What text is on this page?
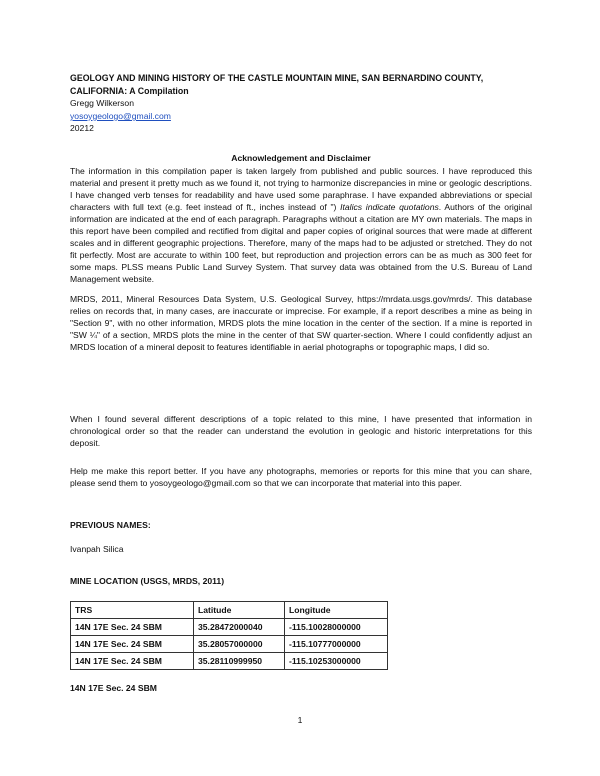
GEOLOGY AND MINING HISTORY OF THE CASTLE MOUNTAIN MINE, SAN BERNARDINO COUNTY, CALIFORNIA: A Compilation
Gregg Wilkerson
yosoygeologo@gmail.com
20212
Acknowledgement and Disclaimer
The information in this compilation paper is taken largely from published and public sources. I have reproduced this material and present it pretty much as we found it, not trying to harmonize discrepancies in mine or geologic descriptions. I have changed verb tenses for readability and have used some paraphrase. I have expanded abbreviations or special characters with full text (e.g. feet instead of ft., inches instead of ") Italics indicate quotations. Authors of the original information are indicated at the end of each paragraph. Paragraphs without a citation are MY own materials. The maps in this report have been compiled and rectified from digital and paper copies of original sources that were made at different scales and in different geographic projections. Therefore, many of the maps had to be adjusted or stretched. They do not fit perfectly. Most are accurate to within 100 feet, but reproduction and projection errors can be as much as 300 feet for some maps. PLSS means Public Land Survey System. That survey data was obtained from the U.S. Bureau of Land Management website.
MRDS, 2011, Mineral Resources Data System, U.S. Geological Survey, https://mrdata.usgs.gov/mrds/. This database relies on records that, in many cases, are inaccurate or imprecise. For example, if a report describes a mine as being in "Section 9", with no other information, MRDS plots the mine location in the center of the section. If a mine is reported in "SW ¼" of a section, MRDS plots the mine in the center of that SW quarter-section. Where I could confidently adjust an MRDS location of a mineral deposit to features identifiable in aerial photographs or topographic maps, I did so.
When I found several different descriptions of a topic related to this mine, I have presented that information in chronological order so that the reader can understand the evolution in geologic and historic interpretations for this deposit.
Help me make this report better. If you have any photographs, memories or reports for this mine that you can share, please send them to yosoygeologo@gmail.com so that we can incorporate that material into this paper.
PREVIOUS NAMES:
Ivanpah Silica
MINE LOCATION (USGS, MRDS, 2011)
TRS	Latitude	Longitude
14N 17E Sec. 24 SBM	35.28472000040	-115.10028000000
14N 17E Sec. 24 SBM	35.28057000000	-115.10777000000
14N 17E Sec. 24 SBM	35.28110999950	-115.10253000000
14N 17E Sec. 24 SBM
1
